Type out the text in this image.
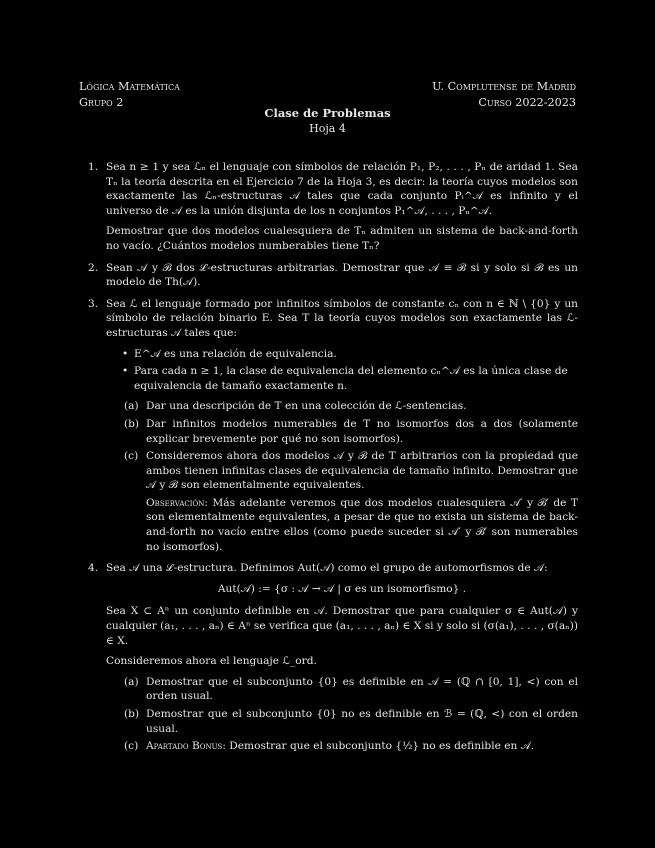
Lógica Matemática	U. Complutense de Madrid
Grupo 2	Curso 2022-2023
Clase de Problemas
Hoja 4
1. Sea n ≥ 1 y sea ℒₙ el lenguaje con símbolos de relación P₁, P₂, . . . , Pₙ de aridad 1. Sea Tₙ la teoría descrita en el Ejercicio 7 de la Hoja 3, es decir: la teoría cuyos modelos son exactamente las ℒₙ-estructuras 𝒜 tales que cada conjunto Pᵢ^𝒜 es infinito y el universo de 𝒜 es la unión disjunta de los n conjuntos P₁^𝒜, . . . , Pₙ^𝒜.

Demostrar que dos modelos cualesquiera de Tₙ admiten un sistema de back-and-forth no vacío. ¿Cuántos modelos numberables tiene Tₙ?

2. Sean 𝒜 y ℬ dos ℒ-estructuras arbitrarias. Demostrar que 𝒜 ≡ ℬ si y solo si ℬ es un modelo de Th(𝒜).

3. Sea ℒ el lenguaje formado por infinitos símbolos de constante cₙ con n ∈ ℕ \ {0} y un símbolo de relación binario E. Sea T la teoría cuyos modelos son exactamente las ℒ-estructuras 𝒜 tales que:

• E^𝒜 es una relación de equivalencia.
• Para cada n ≥ 1, la clase de equivalencia del elemento cₙ^𝒜 es la única clase de equivalencia de tamaño exactamente n.
(a) Dar una descripción de T en una colección de ℒ-sentencias.
(b) Dar infinitos modelos numerables de T no isomorfos dos a dos (solamente explicar brevemente por qué no son isomorfos).
(c) Consideremos ahora dos modelos 𝒜 y ℬ de T arbitrarios con la propiedad que ambos tienen infinitas clases de equivalencia de tamaño infinito. Demostrar que 𝒜 y ℬ son elementalmente equivalentes.
Observación: Más adelante veremos que dos modelos cualesquiera 𝒜′ y ℬ′ de T son elementalmente equivalentes, a pesar de que no exista un sistema de back-and-forth no vacío entre ellos (como puede suceder si 𝒜′ y ℬ′ son numerables no isomorfos).
4. Sea 𝒜 una ℒ-estructura. Definimos Aut(𝒜) como el grupo de automorfismos de 𝒜:

Aut(𝒜) := {σ : 𝒜 → 𝒜 | σ es un isomorfismo} .

Sea X ⊂ Aⁿ un conjunto definible en 𝒜. Demostrar que para cualquier σ ∈ Aut(𝒜) y cualquier (a₁, . . . , aₙ) ∈ Aⁿ se verifica que (a₁, . . . , aₙ) ∈ X si y solo si (σ(a₁), . . . , σ(aₙ)) ∈ X.

Consideremos ahora el lenguaje ℒ_ord.

(a) Demostrar que el subconjunto {0} es definible en 𝒜 = (ℚ ∩ [0, 1], <) con el orden usual.
(b) Demostrar que el subconjunto {0} no es definible en ℬ = (ℚ, <) con el orden usual.
(c) Apartado Bonus: Demostrar que el subconjunto {½} no es definible en 𝒜.
